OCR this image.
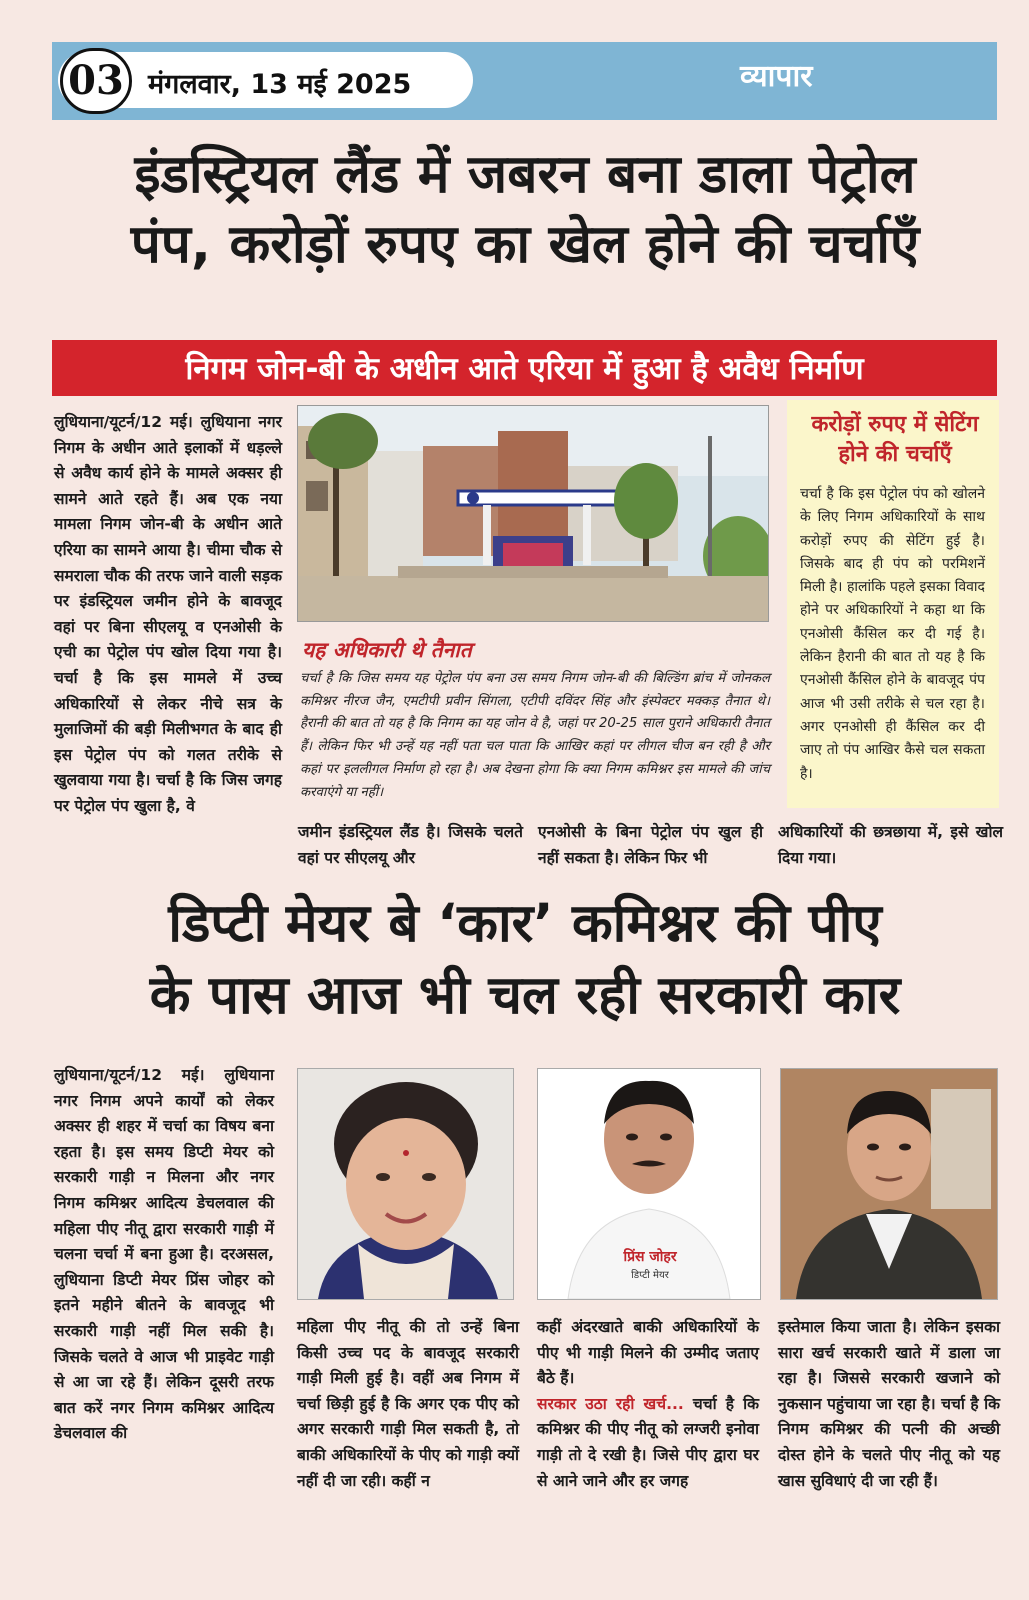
03 मंगलवार, 13 मई 2025	व्यापार
इंडस्ट्रियल लैंड में जबरन बना डाला पेट्रोल
पंप, करोड़ों रुपए का खेल होने की चर्चाएँ
निगम जोन-बी के अधीन आते एरिया में हुआ है अवैध निर्माण
लुधियाना/यूटर्न/12 मई। लुधियाना नगर निगम के अधीन आते इलाकों में धड़ल्ले से अवैध कार्य होने के मामले अक्सर ही सामने आते रहते हैं। अब एक नया मामला निगम जोन-बी के अधीन आते एरिया का सामने आया है। चीमा चौक से समराला चौक की तरफ जाने वाली सड़क पर इंडस्ट्रियल जमीन होने के बावजूद वहां पर बिना सीएलयू व एनओसी के एची का पेट्रोल पंप खोल दिया गया है। चर्चा है कि इस मामले में उच्च अधिकारियों से लेकर नीचे सत्र के मुलाजिमों की बड़ी मिलीभगत के बाद ही इस पेट्रोल पंप को गलत तरीके से खुलवाया गया है। चर्चा है कि जिस जगह पर पेट्रोल पंप खुला है, वे
यह अधिकारी थे तैनात
चर्चा है कि जिस समय यह पेट्रोल पंप बना उस समय निगम जोन-बी की बिल्डिंग ब्रांच में जोनकल कमिश्नर नीरज जैन, एमटीपी प्रवीन सिंगला, एटीपी दविंदर सिंह और इंस्पेक्टर मक्कड़ तैनात थे। हैरानी की बात तो यह है कि निगम का यह जोन वे है, जहां पर 20-25 साल पुराने अधिकारी तैनात हैं। लेकिन फिर भी उन्हें यह नहीं पता चल पाता कि आखिर कहां पर लीगल चीज बन रही है और कहां पर इललीगल निर्माण हो रहा है। अब देखना होगा कि क्या निगम कमिश्नर इस मामले की जांच करवाएंगे या नहीं।
करोड़ों रुपए में सेटिंग होने की चर्चाएँ
चर्चा है कि इस पेट्रोल पंप को खोलने के लिए निगम अधिकारियों के साथ करोड़ों रुपए की सेटिंग हुई है। जिसके बाद ही पंप को परमिशनें मिली है। हालांकि पहले इसका विवाद होने पर अधिकारियों ने कहा था कि एनओसी कैंसिल कर दी गई है। लेकिन हैरानी की बात तो यह है कि एनओसी कैंसिल होने के बावजूद पंप आज भी उसी तरीके से चल रहा है। अगर एनओसी ही कैंसिल कर दी जाए तो पंप आखिर कैसे चल सकता है।
जमीन इंडस्ट्रियल लैंड है। जिसके चलते वहां पर सीएलयू और
एनओसी के बिना पेट्रोल पंप खुल ही नहीं सकता है। लेकिन फिर भी
अधिकारियों की छत्रछाया में, इसे खोल दिया गया।
डिप्टी मेयर बे ‘कार’ कमिश्नर की पीए
के पास आज भी चल रही सरकारी कार
लुधियाना/यूटर्न/12 मई। लुधियाना नगर निगम अपने कार्यों को लेकर अक्सर ही शहर में चर्चा का विषय बना रहता है। इस समय डिप्टी मेयर को सरकारी गाड़ी न मिलना और नगर निगम कमिश्नर आदित्य डेचलवाल की महिला पीए नीतू द्वारा सरकारी गाड़ी में चलना चर्चा में बना हुआ है। दरअसल, लुधियाना डिप्टी मेयर प्रिंस जोहर को इतने महीने बीतने के बावजूद भी सरकारी गाड़ी नहीं मिल सकी है। जिसके चलते वे आज भी प्राइवेट गाड़ी से आ जा रहे हैं। लेकिन दूसरी तरफ बात करें नगर निगम कमिश्नर आदित्य डेचलवाल की
प्रिंस जोहर
डिप्टी मेयर
महिला पीए नीतू की तो उन्हें बिना किसी उच्च पद के बावजूद सरकारी गाड़ी मिली हुई है। वहीं अब निगम में चर्चा छिड़ी हुई है कि अगर एक पीए को अगर सरकारी गाड़ी मिल सकती है, तो बाकी अधिकारियों के पीए को गाड़ी क्यों नहीं दी जा रही। कहीं न
कहीं अंदरखाते बाकी अधिकारियों के पीए भी गाड़ी मिलने की उम्मीद जताए बैठे हैं।
सरकार उठा रही खर्च... चर्चा है कि कमिश्नर की पीए नीतू को लग्जरी इनोवा गाड़ी तो दे रखी है। जिसे पीए द्वारा घर से आने जाने और हर जगह
इस्तेमाल किया जाता है। लेकिन इसका सारा खर्च सरकारी खाते में डाला जा रहा है। जिससे सरकारी खजाने को नुकसान पहुंचाया जा रहा है। चर्चा है कि निगम कमिश्नर की पत्नी की अच्छी दोस्त होने के चलते पीए नीतू को यह खास सुविधाएं दी जा रही हैं।
